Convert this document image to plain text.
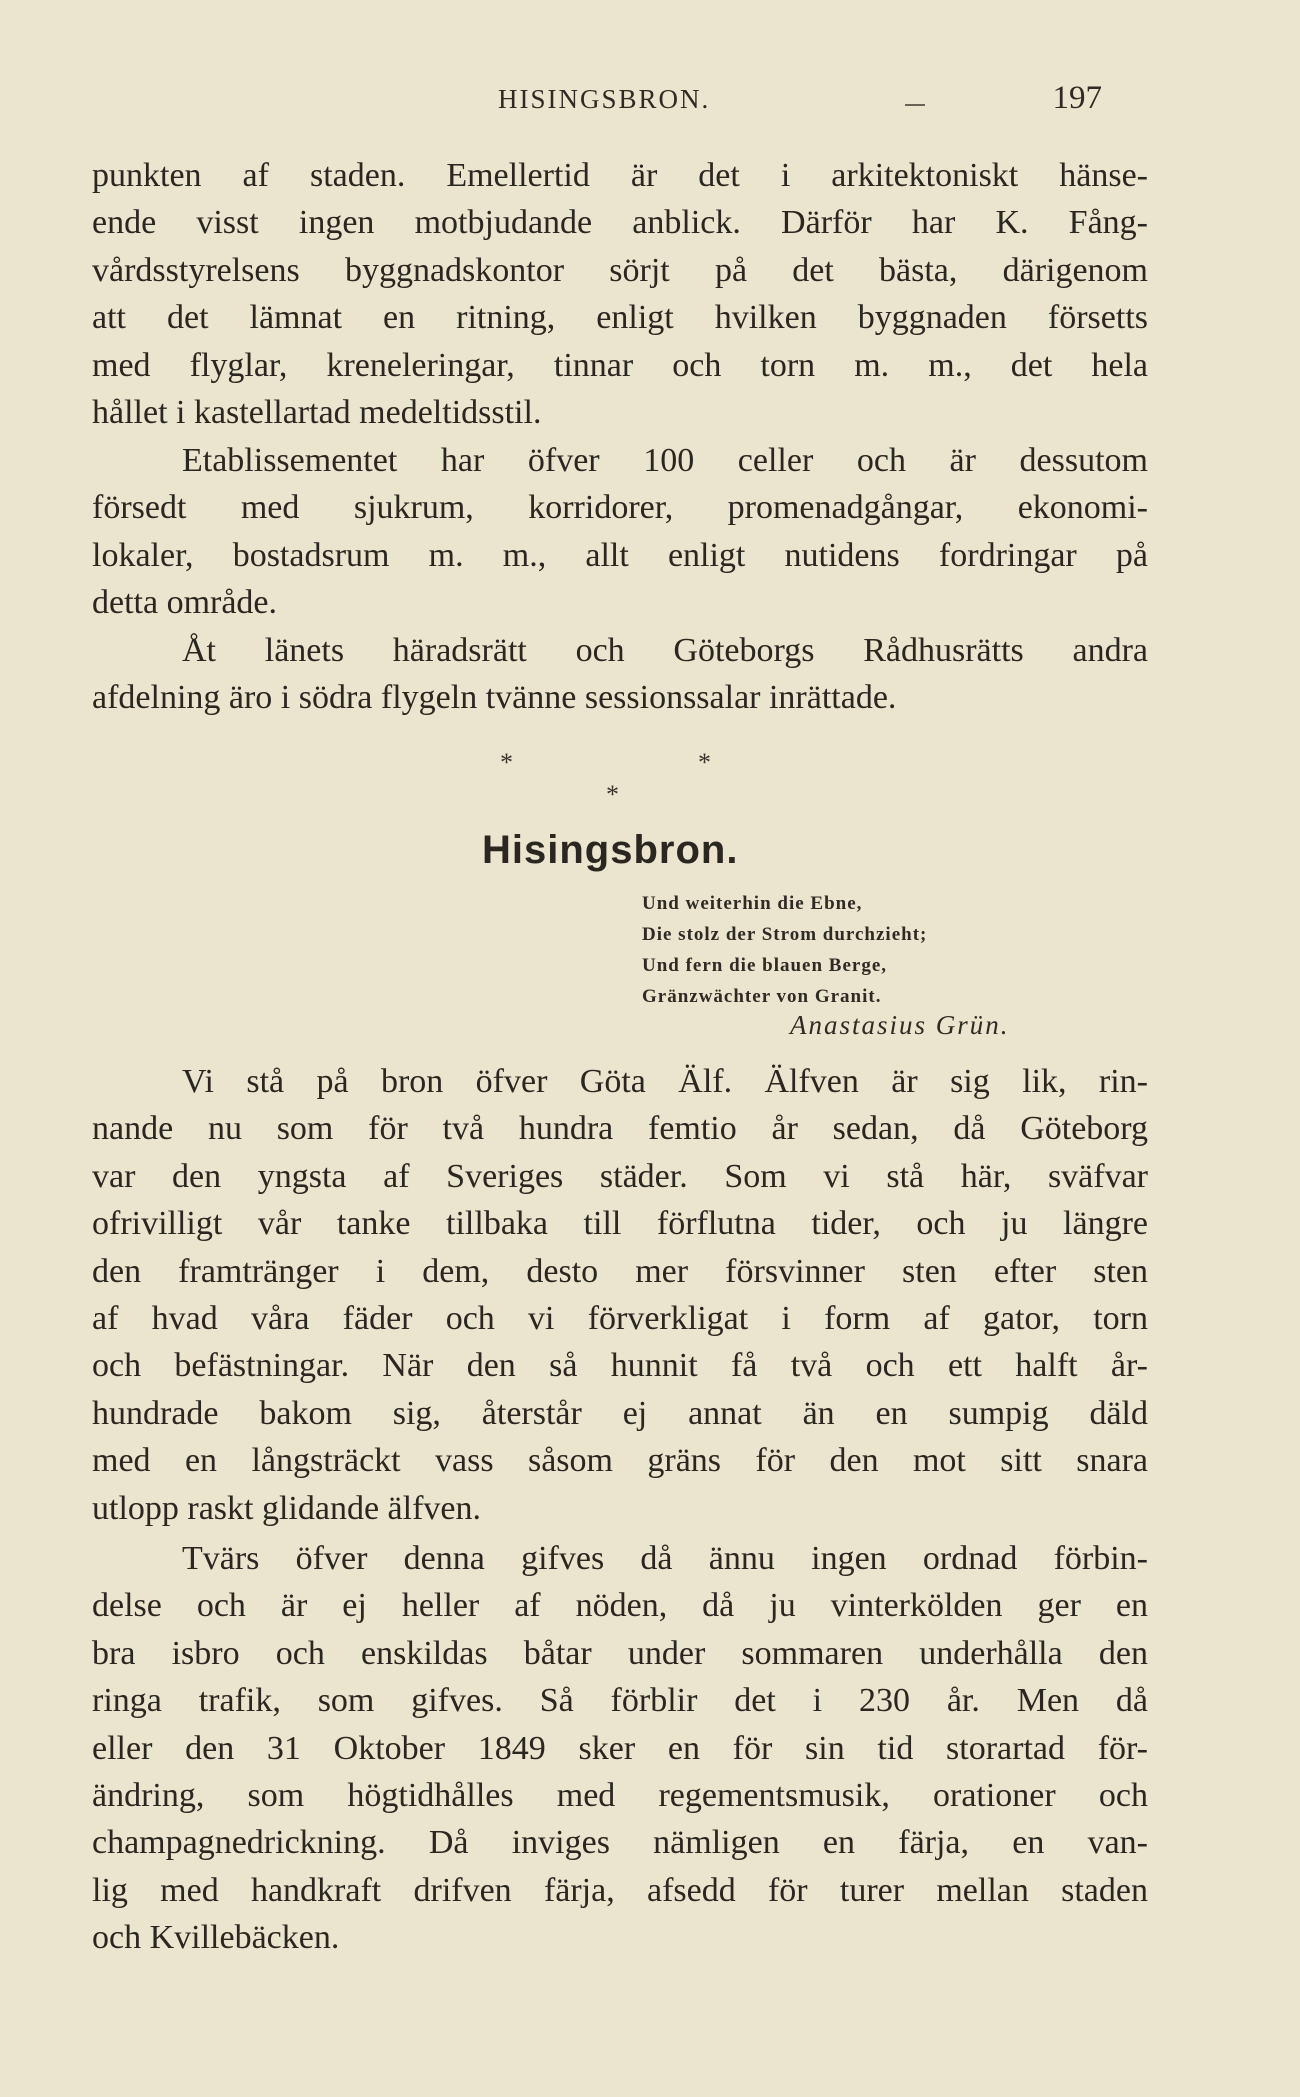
HISINGSBRON.	197
punkten af staden. Emellertid är det i arkitektoniskt hänse-
ende visst ingen motbjudande anblick. Därför har K. Fång-
vårdsstyrelsens byggnadskontor sörjt på det bästa, därigenom
att det lämnat en ritning, enligt hvilken byggnaden försetts
med flyglar, kreneleringar, tinnar och torn m. m., det hela
hållet i kastellartad medeltidsstil.
Etablissementet har öfver 100 celler och är dessutom
försedt med sjukrum, korridorer, promenadgångar, ekonomi-
lokaler, bostadsrum m. m., allt enligt nutidens fordringar på
detta område.
Åt länets häradsrätt och Göteborgs Rådhusrätts andra
afdelning äro i södra flygeln tvänne sessionssalar inrättade.
*	*
*
Hisingsbron.
Und weiterhin die Ebne,
Die stolz der Strom durchzieht;
Und fern die blauen Berge,
Gränzwächter von Granit.
Anastasius Grün.
Vi stå på bron öfver Göta Älf. Älfven är sig lik, rin-
nande nu som för två hundra femtio år sedan, då Göteborg
var den yngsta af Sveriges städer. Som vi stå här, sväfvar
ofrivilligt vår tanke tillbaka till förflutna tider, och ju längre
den framtränger i dem, desto mer försvinner sten efter sten
af hvad våra fäder och vi förverkligat i form af gator, torn
och befästningar. När den så hunnit få två och ett halft år-
hundrade bakom sig, återstår ej annat än en sumpig däld
med en långsträckt vass såsom gräns för den mot sitt snara
utlopp raskt glidande älfven.
Tvärs öfver denna gifves då ännu ingen ordnad förbin-
delse och är ej heller af nöden, då ju vinterkölden ger en
bra isbro och enskildas båtar under sommaren underhålla den
ringa trafik, som gifves. Så förblir det i 230 år. Men då
eller den 31 Oktober 1849 sker en för sin tid storartad för-
ändring, som högtidhålles med regementsmusik, orationer och
champagnedrickning. Då inviges nämligen en färja, en van-
lig med handkraft drifven färja, afsedd för turer mellan staden
och Kvillebäcken.
